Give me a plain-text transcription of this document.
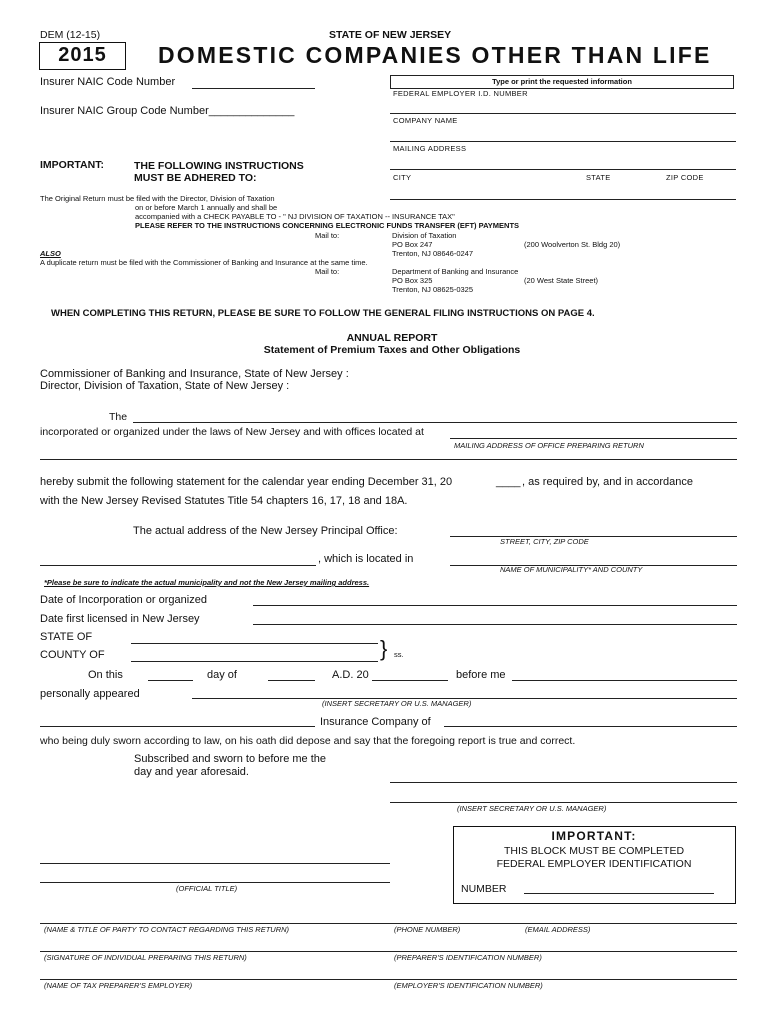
DEM (12-15)	STATE OF NEW JERSEY
2015	DOMESTIC COMPANIES OTHER THAN LIFE
Insurer NAIC Code Number
Insurer NAIC Group Code Number______________
Type or print the requested information
FEDERAL EMPLOYER I.D. NUMBER
COMPANY NAME
MAILING ADDRESS
CITY	STATE	ZIP CODE
IMPORTANT:	THE FOLLOWING INSTRUCTIONS
MUST BE ADHERED TO:
The Original Return must be filed with the Director, Division of Taxation
on or before March 1 annually and shall be
accompanied with a CHECK PAYABLE TO - " NJ DIVISION OF TAXATION -- INSURANCE TAX"
PLEASE REFER TO THE INSTRUCTIONS CONCERNING ELECTRONIC FUNDS TRANSFER (EFT) PAYMENTS
Mail to:	Division of Taxation
PO Box 247	(200 Woolverton St. Bldg 20)
Trenton, NJ 08646-0247
ALSO
A duplicate return must be filed with the Commissioner of Banking and Insurance at the same time.
Mail to:	Department of Banking and Insurance
PO Box 325	(20 West State Street)
Trenton, NJ 08625-0325
WHEN COMPLETING THIS RETURN, PLEASE BE SURE TO FOLLOW THE GENERAL FILING INSTRUCTIONS ON PAGE 4.
ANNUAL REPORT
Statement of Premium Taxes and Other Obligations
Commissioner of Banking and Insurance, State of New Jersey :
Director, Division of Taxation, State of New Jersey :
The
incorporated or organized under the laws of New Jersey and with offices located at
MAILING ADDRESS OF OFFICE PREPARING RETURN
hereby submit the following statement for the calendar year ending December 31, 20	____ , as required by, and in accordance
with the New Jersey Revised Statutes Title 54 chapters 16, 17, 18 and 18A.
The actual address of the New Jersey Principal Office:
STREET, CITY, ZIP CODE
, which is located in
NAME OF MUNICIPALITY* AND COUNTY
*Please be sure to indicate the actual municipality and not the New Jersey mailing address.
Date of Incorporation or organized
Date first licensed in New Jersey
STATE OF
COUNTY OF	} ss.
On this	day of	A.D. 20	before me
personally appeared
(INSERT SECRETARY OR U.S. MANAGER)
Insurance Company of
who being duly sworn according to law, on his oath did depose and say that the foregoing report is true and correct.
Subscribed and sworn to before me the
day and year aforesaid.
(INSERT SECRETARY OR U.S. MANAGER)
IMPORTANT:
THIS BLOCK MUST BE COMPLETED
FEDERAL EMPLOYER IDENTIFICATION
NUMBER
(OFFICIAL TITLE)
(NAME & TITLE OF PARTY TO CONTACT REGARDING THIS RETURN)	(PHONE NUMBER)	(EMAIL ADDRESS)
(SIGNATURE OF INDIVIDUAL PREPARING THIS RETURN)	(PREPARER'S IDENTIFICATION NUMBER)
(NAME OF TAX PREPARER'S EMPLOYER)	(EMPLOYER'S IDENTIFICATION NUMBER)
